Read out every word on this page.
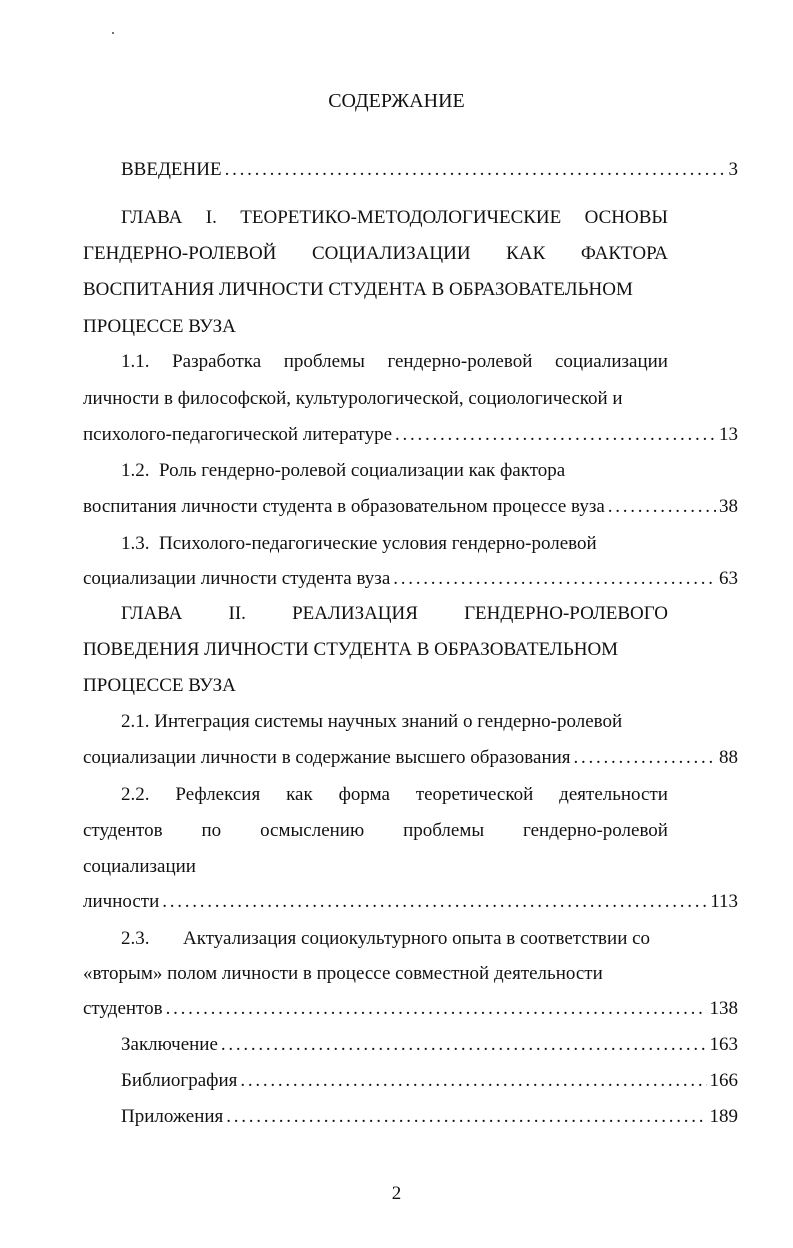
СОДЕРЖАНИЕ
ВВЕДЕНИЕ . . .	3
ГЛАВА I. ТЕОРЕТИКО-МЕТОДОЛОГИЧЕСКИЕ ОСНОВЫ
ГЕНДЕРНО-РОЛЕВОЙ СОЦИАЛИЗАЦИИ КАК ФАКТОРА
ВОСПИТАНИЯ ЛИЧНОСТИ СТУДЕНТА В ОБРАЗОВАТЕЛЬНОМ
ПРОЦЕССЕ ВУЗА
1.1. Разработка проблемы гендерно-ролевой социализации
личности в философской, культурологической, социологической и
психолого-педагогической литературе . . .	13
1.2.  Роль гендерно-ролевой социализации как фактора
воспитания личности студента в образовательном процессе вуза . . .	38
1.3.  Психолого-педагогические условия гендерно-ролевой
социализации личности студента вуза . . .	63
ГЛАВА II. РЕАЛИЗАЦИЯ ГЕНДЕРНО-РОЛЕВОГО
ПОВЕДЕНИЯ ЛИЧНОСТИ СТУДЕНТА В ОБРАЗОВАТЕЛЬНОМ
ПРОЦЕССЕ ВУЗА
2.1. Интеграция системы научных знаний о гендерно-ролевой
социализации личности в содержание высшего образования . . .	88
2.2. Рефлексия как форма теоретической деятельности
студентов по осмыслению проблемы гендерно-ролевой
социализации
личности . . .	113
2.3. Актуализация социокультурного опыта в соответствии со
«вторым» полом личности в процессе совместной деятельности
студентов . . .	138
Заключение . . .	163
Библиография . . .	166
Приложения . . .	189
2
